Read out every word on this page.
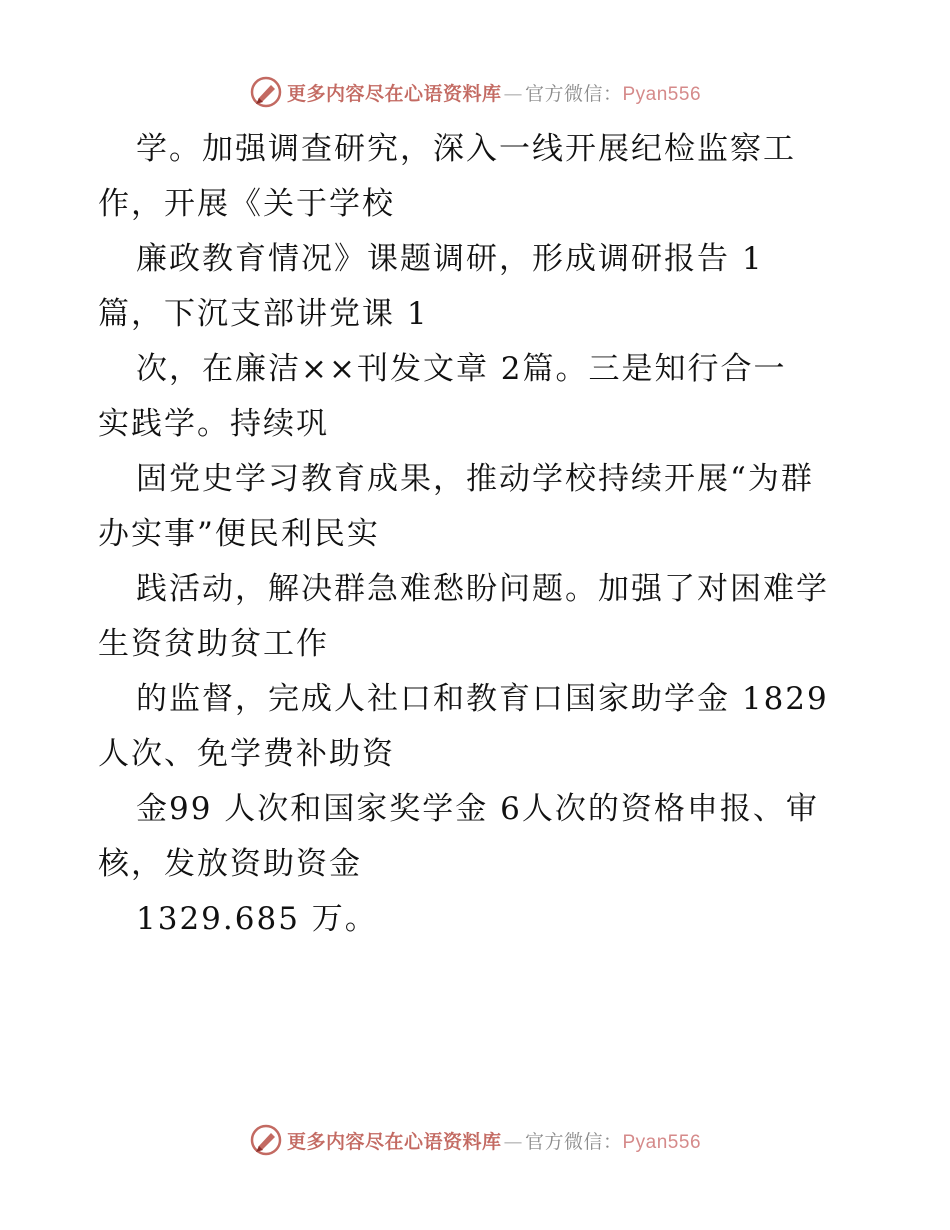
更多内容尽在心语资料库 — 官方微信：Pyan556
学。加强调查研究，深入一线开展纪检监察工
作，开展《关于学校
廉政教育情况》课题调研，形成调研报告 1
篇，下沉支部讲党课 1
次，在廉洁××刊发文章 2篇。三是知行合一
实践学。持续巩
固党史学习教育成果，推动学校持续开展“为群
办实事”便民利民实
践活动，解决群急难愁盼问题。加强了对困难学
生资贫助贫工作
的监督，完成人社口和教育口国家助学金 1829
人次、免学费补助资
金99 人次和国家奖学金 6人次的资格申报、审
核，发放资助资金
1329.685 万。
更多内容尽在心语资料库 — 官方微信：Pyan556
